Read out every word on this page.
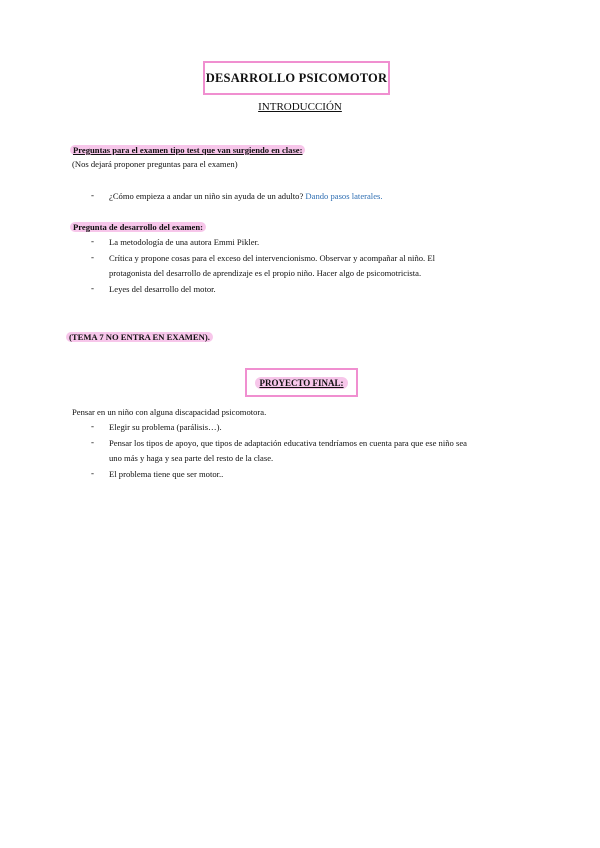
DESARROLLO PSICOMOTOR
INTRODUCCIÓN
Preguntas para el examen tipo test que van surgiendo en clase:
(Nos dejará proponer preguntas para el examen)
- ¿Cómo empieza a andar un niño sin ayuda de un adulto? Dando pasos laterales.
Pregunta de desarrollo del examen:
- La metodología de una autora Emmi Pikler.
- Crítica y propone cosas para el exceso del intervencionismo. Observar y acompañar al niño. El
protagonista del desarrollo de aprendizaje es el propio niño. Hacer algo de psicomotricista.
- Leyes del desarrollo del motor.
(TEMA 7 NO ENTRA EN EXAMEN).
PROYECTO FINAL:
Pensar en un niño con alguna discapacidad psicomotora.
- Elegir su problema (parálisis…).
- Pensar los tipos de apoyo, que tipos de adaptación educativa tendríamos en cuenta para que ese niño sea
uno más y haga y sea parte del resto de la clase.
- El problema tiene que ser motor..
